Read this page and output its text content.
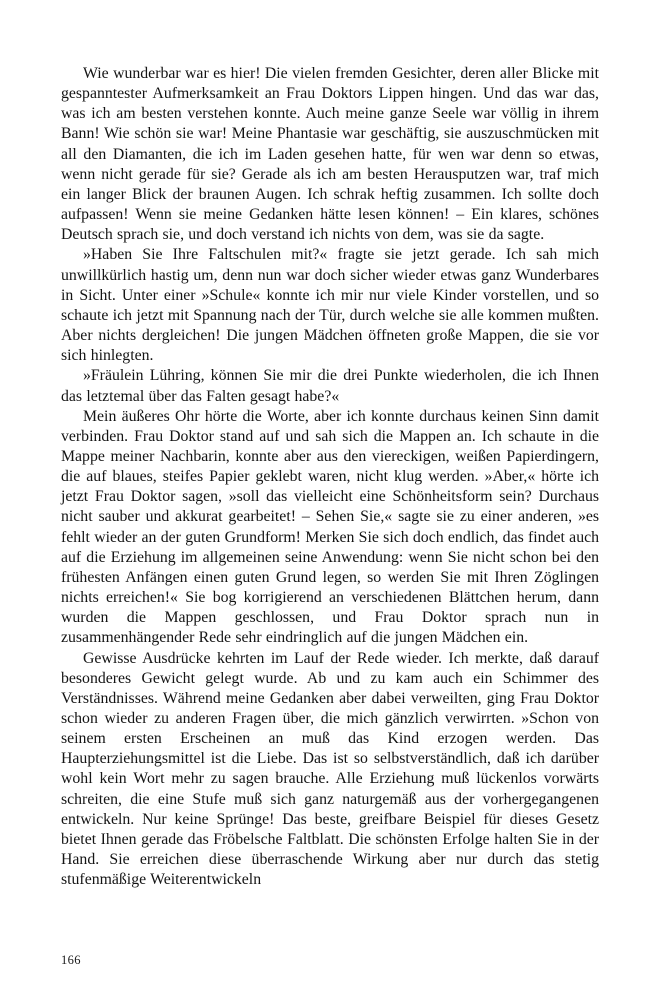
Wie wunderbar war es hier! Die vielen fremden Gesichter, deren aller Blicke mit gespanntester Aufmerksamkeit an Frau Doktors Lippen hingen. Und das war das, was ich am besten verstehen konnte. Auch meine ganze Seele war völlig in ihrem Bann! Wie schön sie war! Meine Phantasie war geschäftig, sie auszuschmücken mit all den Diamanten, die ich im Laden gesehen hatte, für wen war denn so etwas, wenn nicht gerade für sie? Gerade als ich am besten Herausputzen war, traf mich ein langer Blick der braunen Augen. Ich schrak heftig zusammen. Ich sollte doch aufpassen! Wenn sie meine Gedanken hätte lesen können! – Ein klares, schönes Deutsch sprach sie, und doch verstand ich nichts von dem, was sie da sagte.

»Haben Sie Ihre Faltschulen mit?« fragte sie jetzt gerade. Ich sah mich unwillkürlich hastig um, denn nun war doch sicher wieder etwas ganz Wunderbares in Sicht. Unter einer »Schule« konnte ich mir nur viele Kinder vorstellen, und so schaute ich jetzt mit Spannung nach der Tür, durch welche sie alle kommen mußten. Aber nichts dergleichen! Die jungen Mädchen öffneten große Mappen, die sie vor sich hinlegten.

»Fräulein Lühring, können Sie mir die drei Punkte wiederholen, die ich Ihnen das letztemal über das Falten gesagt habe?«

Mein äußeres Ohr hörte die Worte, aber ich konnte durchaus keinen Sinn damit verbinden. Frau Doktor stand auf und sah sich die Mappen an. Ich schaute in die Mappe meiner Nachbarin, konnte aber aus den viereckigen, weißen Papierdingern, die auf blaues, steifes Papier geklebt waren, nicht klug werden. »Aber,« hörte ich jetzt Frau Doktor sagen, »soll das vielleicht eine Schönheitsform sein? Durchaus nicht sauber und akkurat gearbeitet! – Sehen Sie,« sagte sie zu einer anderen, »es fehlt wieder an der guten Grundform! Merken Sie sich doch endlich, das findet auch auf die Erziehung im allgemeinen seine Anwendung: wenn Sie nicht schon bei den frühesten Anfängen einen guten Grund legen, so werden Sie mit Ihren Zöglingen nichts erreichen!« Sie bog korrigierend an verschiedenen Blättchen herum, dann wurden die Mappen geschlossen, und Frau Doktor sprach nun in zusammenhängender Rede sehr eindringlich auf die jungen Mädchen ein.

Gewisse Ausdrücke kehrten im Lauf der Rede wieder. Ich merkte, daß darauf besonderes Gewicht gelegt wurde. Ab und zu kam auch ein Schimmer des Verständnisses. Während meine Gedanken aber dabei verweilten, ging Frau Doktor schon wieder zu anderen Fragen über, die mich gänzlich verwirrten. »Schon von seinem ersten Erscheinen an muß das Kind erzogen werden. Das Haupterziehungsmittel ist die Liebe. Das ist so selbstverständlich, daß ich darüber wohl kein Wort mehr zu sagen brauche. Alle Erziehung muß lückenlos vorwärts schreiten, die eine Stufe muß sich ganz naturgemäß aus der vorhergegangenen entwickeln. Nur keine Sprünge! Das beste, greifbare Beispiel für dieses Gesetz bietet Ihnen gerade das Fröbelsche Faltblatt. Die schönsten Erfolge halten Sie in der Hand. Sie erreichen diese überraschende Wirkung aber nur durch das stetig stufenmäßige Weiterentwickeln

166
